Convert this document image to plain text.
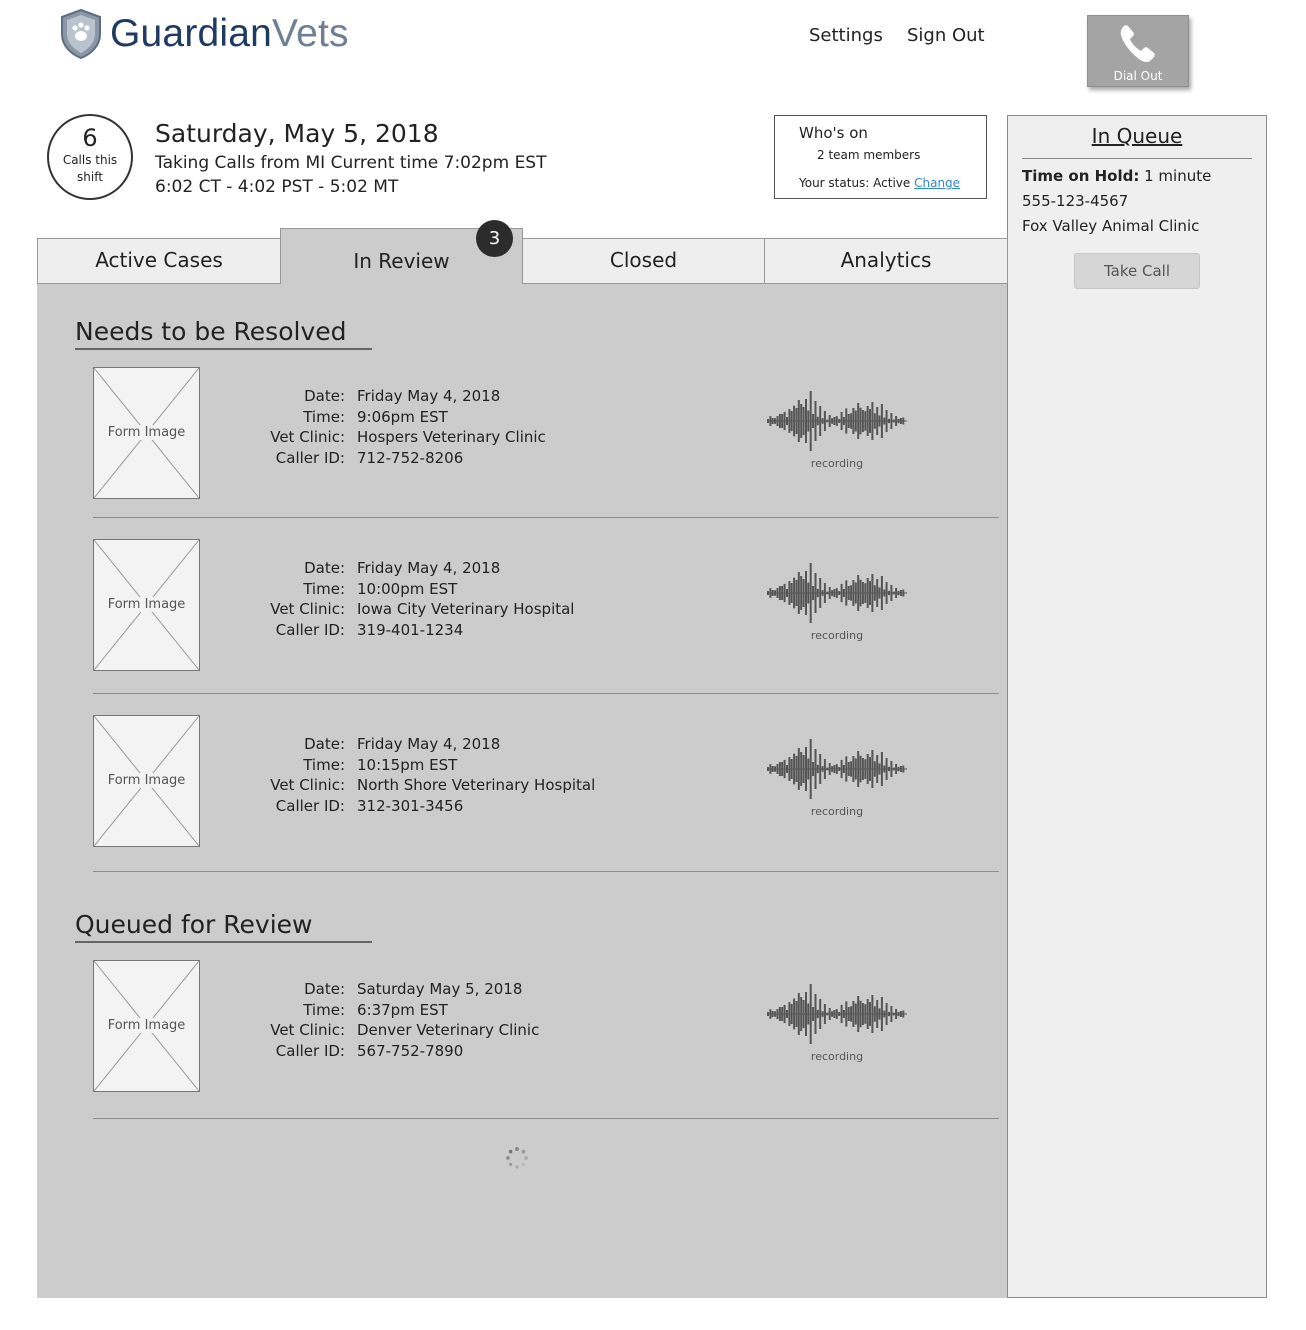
GuardianVets	Settings Sign Out
Dial Out
6
Calls this
shift
Saturday, May 5, 2018
Taking Calls from MI Current time 7:02pm EST
6:02 CT - 4:02 PST - 5:02 MT
Who's on
2 team members
Your status: Active Change
In Queue
Time on Hold: 1 minute
555-123-4567
Fox Valley Animal Clinic
Take Call
Active Cases	In Review	Closed	Analytics
3
Needs to be Resolved
Form Image
Date: Friday May 4, 2018
Time: 9:06pm EST
Vet Clinic: Hospers Veterinary Clinic
Caller ID: 712-752-8206	recording
Form Image
Date: Friday May 4, 2018
Time: 10:00pm EST
Vet Clinic: Iowa City Veterinary Hospital
Caller ID: 319-401-1234	recording
Form Image
Date: Friday May 4, 2018
Time: 10:15pm EST
Vet Clinic: North Shore Veterinary Hospital
Caller ID: 312-301-3456	recording
Queued for Review
Form Image
Date: Saturday May 5, 2018
Time: 6:37pm EST
Vet Clinic: Denver Veterinary Clinic
Caller ID: 567-752-7890	recording
